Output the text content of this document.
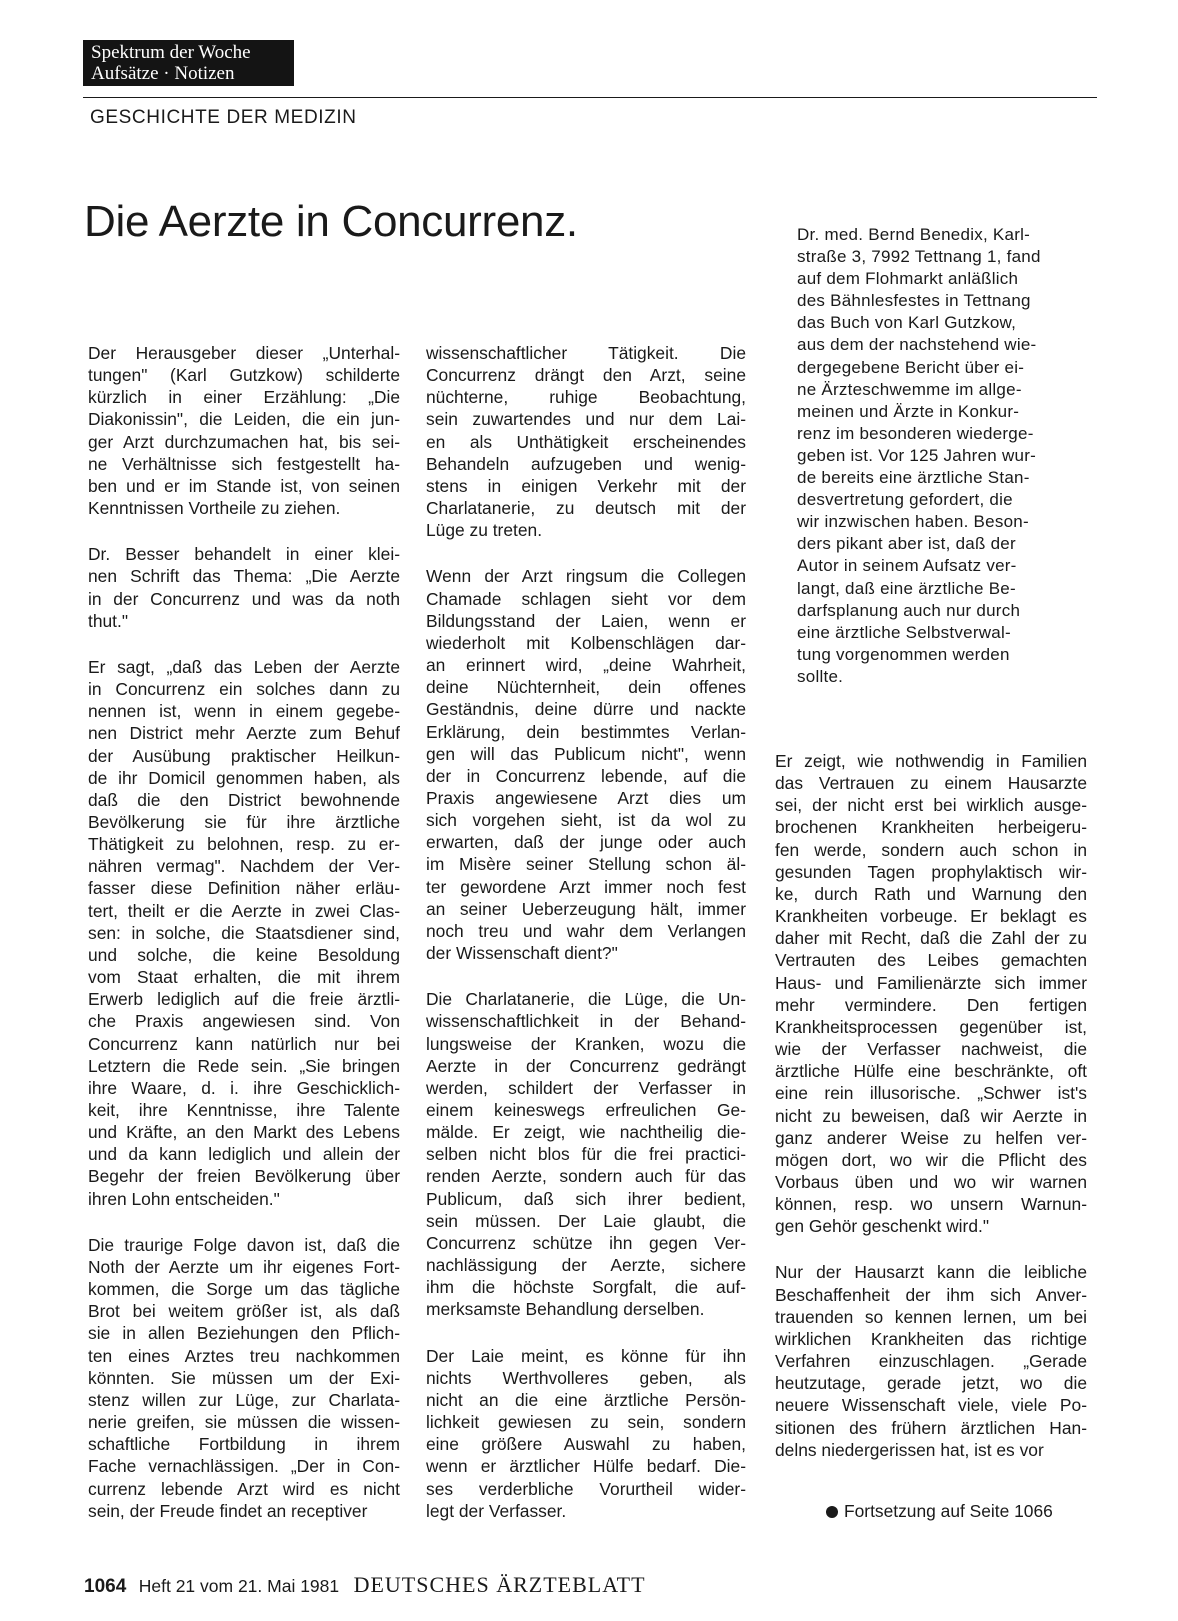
Spektrum der Woche
Aufsätze · Notizen
GESCHICHTE DER MEDIZIN
Die Aerzte in Concurrenz.	Dr. med. Bernd Benedix, Karl-
straße 3, 7992 Tettnang 1, fand
auf dem Flohmarkt anläßlich
des Bähnlesfestes in Tettnang
das Buch von Karl Gutzkow,
aus dem der nachstehend wie-
dergegebene Bericht über ei-
ne Ärzteschwemme im allge-
meinen und Ärzte in Konkur-
renz im besonderen wiederge-
geben ist. Vor 125 Jahren wur-
de bereits eine ärztliche Stan-
desvertretung gefordert, die
wir inzwischen haben. Beson-
ders pikant aber ist, daß der
Autor in seinem Aufsatz ver-
langt, daß eine ärztliche Be-
darfsplanung auch nur durch
eine ärztliche Selbstverwal-
tung vorgenommen werden
sollte.
Der Herausgeber dieser „Unterhal-
tungen" (Karl Gutzkow) schilderte
kürzlich in einer Erzählung: „Die
Diakonissin", die Leiden, die ein jun-
ger Arzt durchzumachen hat, bis sei-
ne Verhältnisse sich festgestellt ha-
ben und er im Stande ist, von seinen
Kenntnissen Vortheile zu ziehen.
Dr. Besser behandelt in einer klei-
nen Schrift das Thema: „Die Aerzte
in der Concurrenz und was da noth
thut."
Er sagt, „daß das Leben der Aerzte
in Concurrenz ein solches dann zu
nennen ist, wenn in einem gegebe-
nen District mehr Aerzte zum Behuf
der Ausübung praktischer Heilkun-
de ihr Domicil genommen haben, als
daß die den District bewohnende
Bevölkerung sie für ihre ärztliche
Thätigkeit zu belohnen, resp. zu er-
nähren vermag". Nachdem der Ver-
fasser diese Definition näher erläu-
tert, theilt er die Aerzte in zwei Clas-
sen: in solche, die Staatsdiener sind,
und solche, die keine Besoldung
vom Staat erhalten, die mit ihrem
Erwerb lediglich auf die freie ärztli-
che Praxis angewiesen sind. Von
Concurrenz kann natürlich nur bei
Letztern die Rede sein. „Sie bringen
ihre Waare, d. i. ihre Geschicklich-
keit, ihre Kenntnisse, ihre Talente
und Kräfte, an den Markt des Lebens
und da kann lediglich und allein der
Begehr der freien Bevölkerung über
ihren Lohn entscheiden."
Die traurige Folge davon ist, daß die
Noth der Aerzte um ihr eigenes Fort-
kommen, die Sorge um das tägliche
Brot bei weitem größer ist, als daß
sie in allen Beziehungen den Pflich-
ten eines Arztes treu nachkommen
könnten. Sie müssen um der Exi-
stenz willen zur Lüge, zur Charlata-
nerie greifen, sie müssen die wissen-
schaftliche Fortbildung in ihrem
Fache vernachlässigen. „Der in Con-
currenz lebende Arzt wird es nicht
sein, der Freude findet an receptiver
wissenschaftlicher Tätigkeit. Die
Concurrenz drängt den Arzt, seine
nüchterne, ruhige Beobachtung,
sein zuwartendes und nur dem Lai-
en als Unthätigkeit erscheinendes
Behandeln aufzugeben und wenig-
stens in einigen Verkehr mit der
Charlatanerie, zu deutsch mit der
Lüge zu treten.
Wenn der Arzt ringsum die Collegen
Chamade schlagen sieht vor dem
Bildungsstand der Laien, wenn er
wiederholt mit Kolbenschlägen dar-
an erinnert wird, „deine Wahrheit,
deine Nüchternheit, dein offenes
Geständnis, deine dürre und nackte
Erklärung, dein bestimmtes Verlan-
gen will das Publicum nicht", wenn
der in Concurrenz lebende, auf die
Praxis angewiesene Arzt dies um
sich vorgehen sieht, ist da wol zu
erwarten, daß der junge oder auch
im Misère seiner Stellung schon äl-
ter gewordene Arzt immer noch fest
an seiner Ueberzeugung hält, immer
noch treu und wahr dem Verlangen
der Wissenschaft dient?"
Die Charlatanerie, die Lüge, die Un-
wissenschaftlichkeit in der Behand-
lungsweise der Kranken, wozu die
Aerzte in der Concurrenz gedrängt
werden, schildert der Verfasser in
einem keineswegs erfreulichen Ge-
mälde. Er zeigt, wie nachtheilig die-
selben nicht blos für die frei practici-
renden Aerzte, sondern auch für das
Publicum, daß sich ihrer bedient,
sein müssen. Der Laie glaubt, die
Concurrenz schütze ihn gegen Ver-
nachlässigung der Aerzte, sichere
ihm die höchste Sorgfalt, die auf-
merksamste Behandlung derselben.
Der Laie meint, es könne für ihn
nichts Werthvolleres geben, als
nicht an die eine ärztliche Persön-
lichkeit gewiesen zu sein, sondern
eine größere Auswahl zu haben,
wenn er ärztlicher Hülfe bedarf. Die-
ses verderbliche Vorurtheil wider-
legt der Verfasser.
Er zeigt, wie nothwendig in Familien
das Vertrauen zu einem Hausarzte
sei, der nicht erst bei wirklich ausge-
brochenen Krankheiten herbeigeru-
fen werde, sondern auch schon in
gesunden Tagen prophylaktisch wir-
ke, durch Rath und Warnung den
Krankheiten vorbeuge. Er beklagt es
daher mit Recht, daß die Zahl der zu
Vertrauten des Leibes gemachten
Haus- und Familienärzte sich immer
mehr vermindere. Den fertigen
Krankheitsprocessen gegenüber ist,
wie der Verfasser nachweist, die
ärztliche Hülfe eine beschränkte, oft
eine rein illusorische. „Schwer ist's
nicht zu beweisen, daß wir Aerzte in
ganz anderer Weise zu helfen ver-
mögen dort, wo wir die Pflicht des
Vorbaus üben und wo wir warnen
können, resp. wo unsern Warnun-
gen Gehör geschenkt wird."
Nur der Hausarzt kann die leibliche
Beschaffenheit der ihm sich Anver-
trauenden so kennen lernen, um bei
wirklichen Krankheiten das richtige
Verfahren einzuschlagen. „Gerade
heutzutage, gerade jetzt, wo die
neuere Wissenschaft viele, viele Po-
sitionen des frühern ärztlichen Han-
delns niedergerissen hat, ist es vor
Fortsetzung auf Seite 1066
1064 Heft 21 vom 21. Mai 1981 DEUTSCHES ÄRZTEBLATT
